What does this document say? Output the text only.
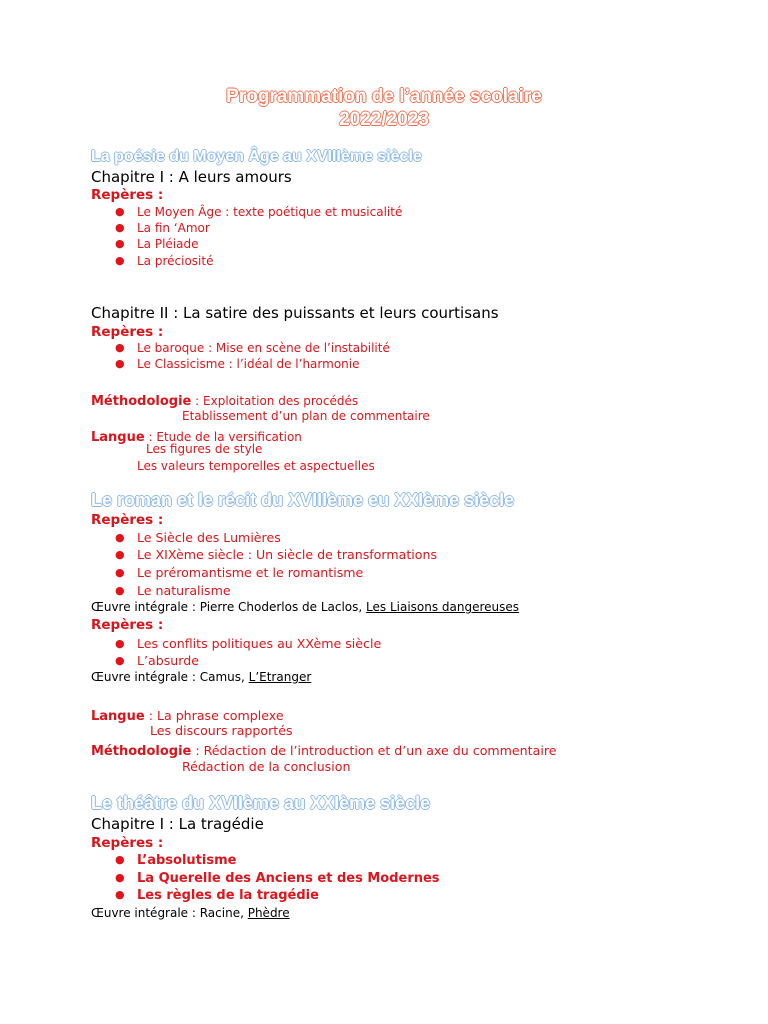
Programmation de l’année scolaire
2022/2023
La poésie du Moyen Âge au XVIIIème siècle
Chapitre I : A leurs amours
Repères :
● Le Moyen Âge : texte poétique et musicalité
● La fin ‘Amor
● La Pléiade
● La préciosité
Chapitre II : La satire des puissants et leurs courtisans
Repères :
● Le baroque : Mise en scène de l’instabilité
● Le Classicisme : l’idéal de l’harmonie
Méthodologie : Exploitation des procédés
Etablissement d’un plan de commentaire
Langue : Etude de la versification
Les figures de style
Les valeurs temporelles et aspectuelles
Le roman et le récit du XVIIIème eu XXIème siècle
Repères :
● Le Siècle des Lumières
● Le XIXème siècle : Un siècle de transformations
● Le préromantisme et le romantisme
● Le naturalisme
Œuvre intégrale : Pierre Choderlos de Laclos, Les Liaisons dangereuses
Repères :
● Les conflits politiques au XXème siècle
● L’absurde
Œuvre intégrale : Camus, L’Etranger
Langue : La phrase complexe
Les discours rapportés
Méthodologie : Rédaction de l’introduction et d’un axe du commentaire
Rédaction de la conclusion
Le théâtre du XVIIème au XXIème siècle
Chapitre I : La tragédie
Repères :
● L’absolutisme
● La Querelle des Anciens et des Modernes
● Les règles de la tragédie
Œuvre intégrale : Racine, Phèdre
